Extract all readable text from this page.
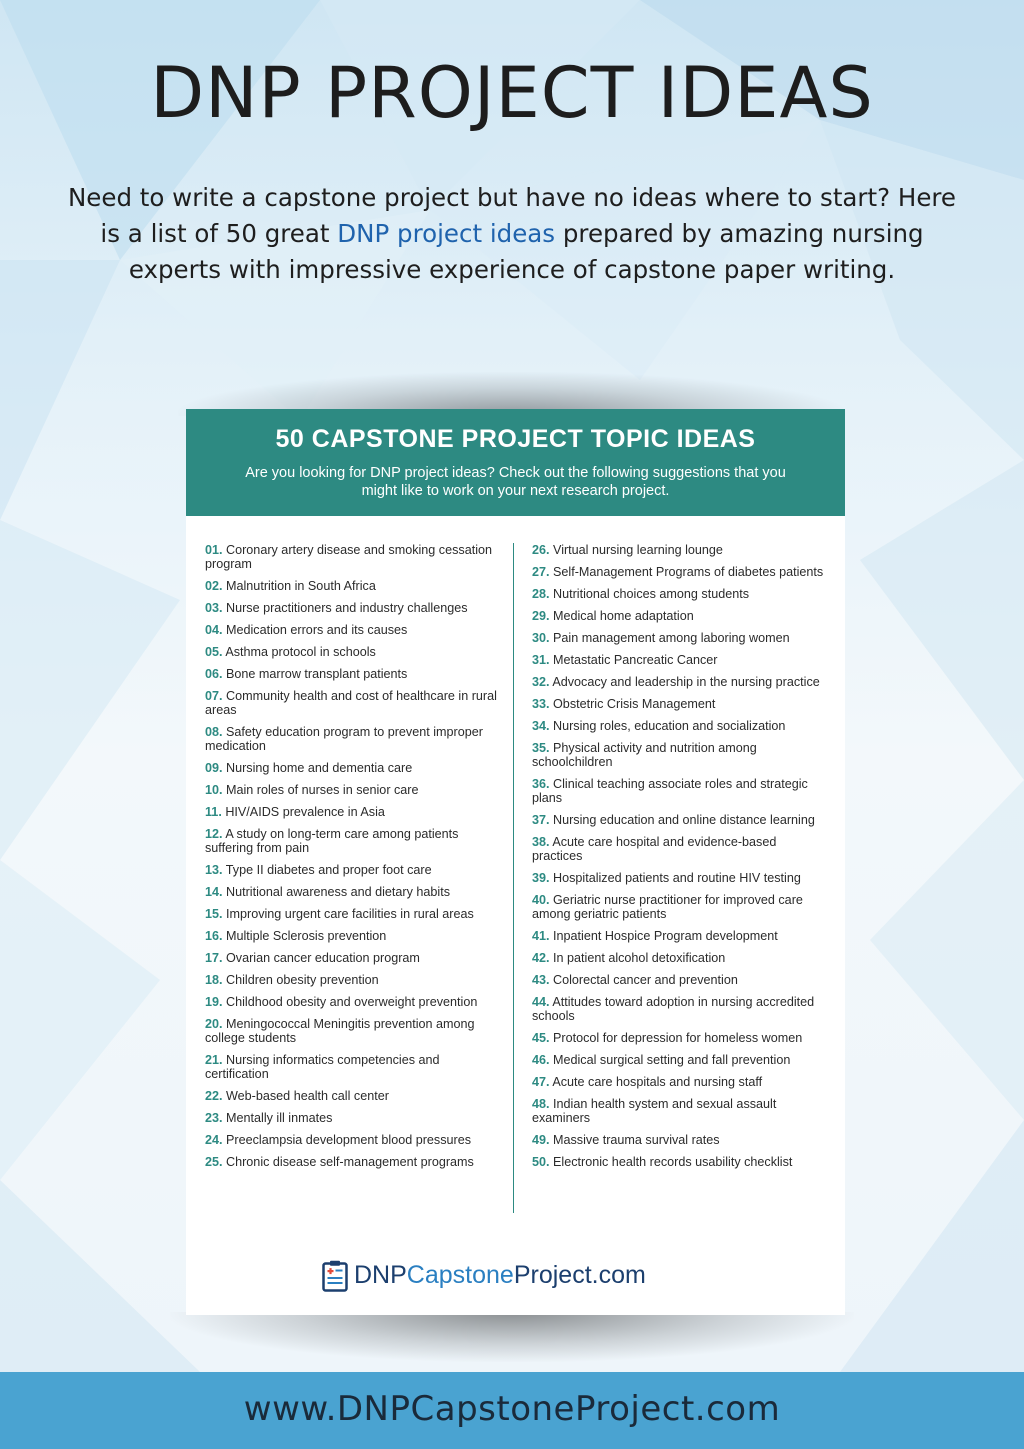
DNP PROJECT IDEAS
Need to write a capstone project but have no ideas where to start? Here is a list of 50 great DNP project ideas prepared by amazing nursing experts with impressive experience of capstone paper writing.
50 CAPSTONE PROJECT TOPIC IDEAS
Are you looking for DNP project ideas? Check out the following suggestions that you might like to work on your next research project.
01. Coronary artery disease and smoking cessation program
02. Malnutrition in South Africa
03. Nurse practitioners and industry challenges
04. Medication errors and its causes
05. Asthma protocol in schools
06. Bone marrow transplant patients
07. Community health and cost of healthcare in rural areas
08. Safety education program to prevent improper medication
09. Nursing home and dementia care
10. Main roles of nurses in senior care
11. HIV/AIDS prevalence in Asia
12. A study on long-term care among patients suffering from pain
13. Type II diabetes and proper foot care
14. Nutritional awareness and dietary habits
15. Improving urgent care facilities in rural areas
16. Multiple Sclerosis prevention
17. Ovarian cancer education program
18. Children obesity prevention
19. Childhood obesity and overweight prevention
20. Meningococcal Meningitis prevention among college students
21. Nursing informatics competencies and certification
22. Web-based health call center
23. Mentally ill inmates
24. Preeclampsia development blood pressures
25. Chronic disease self-management programs
26. Virtual nursing learning lounge
27. Self-Management Programs of diabetes patients
28. Nutritional choices among students
29. Medical home adaptation
30. Pain management among laboring women
31. Metastatic Pancreatic Cancer
32. Advocacy and leadership in the nursing practice
33. Obstetric Crisis Management
34. Nursing roles, education and socialization
35. Physical activity and nutrition among schoolchildren
36. Clinical teaching associate roles and strategic plans
37. Nursing education and online distance learning
38. Acute care hospital and evidence-based practices
39. Hospitalized patients and routine HIV testing
40. Geriatric nurse practitioner for improved care among geriatric patients
41. Inpatient Hospice Program development
42. In patient alcohol detoxification
43. Colorectal cancer and prevention
44. Attitudes toward adoption in nursing accredited schools
45. Protocol for depression for homeless women
46. Medical surgical setting and fall prevention
47. Acute care hospitals and nursing staff
48. Indian health system and sexual assault examiners
49. Massive trauma survival rates
50. Electronic health records usability checklist
DNPCapstoneProject.com
www.DNPCapstoneProject.com
